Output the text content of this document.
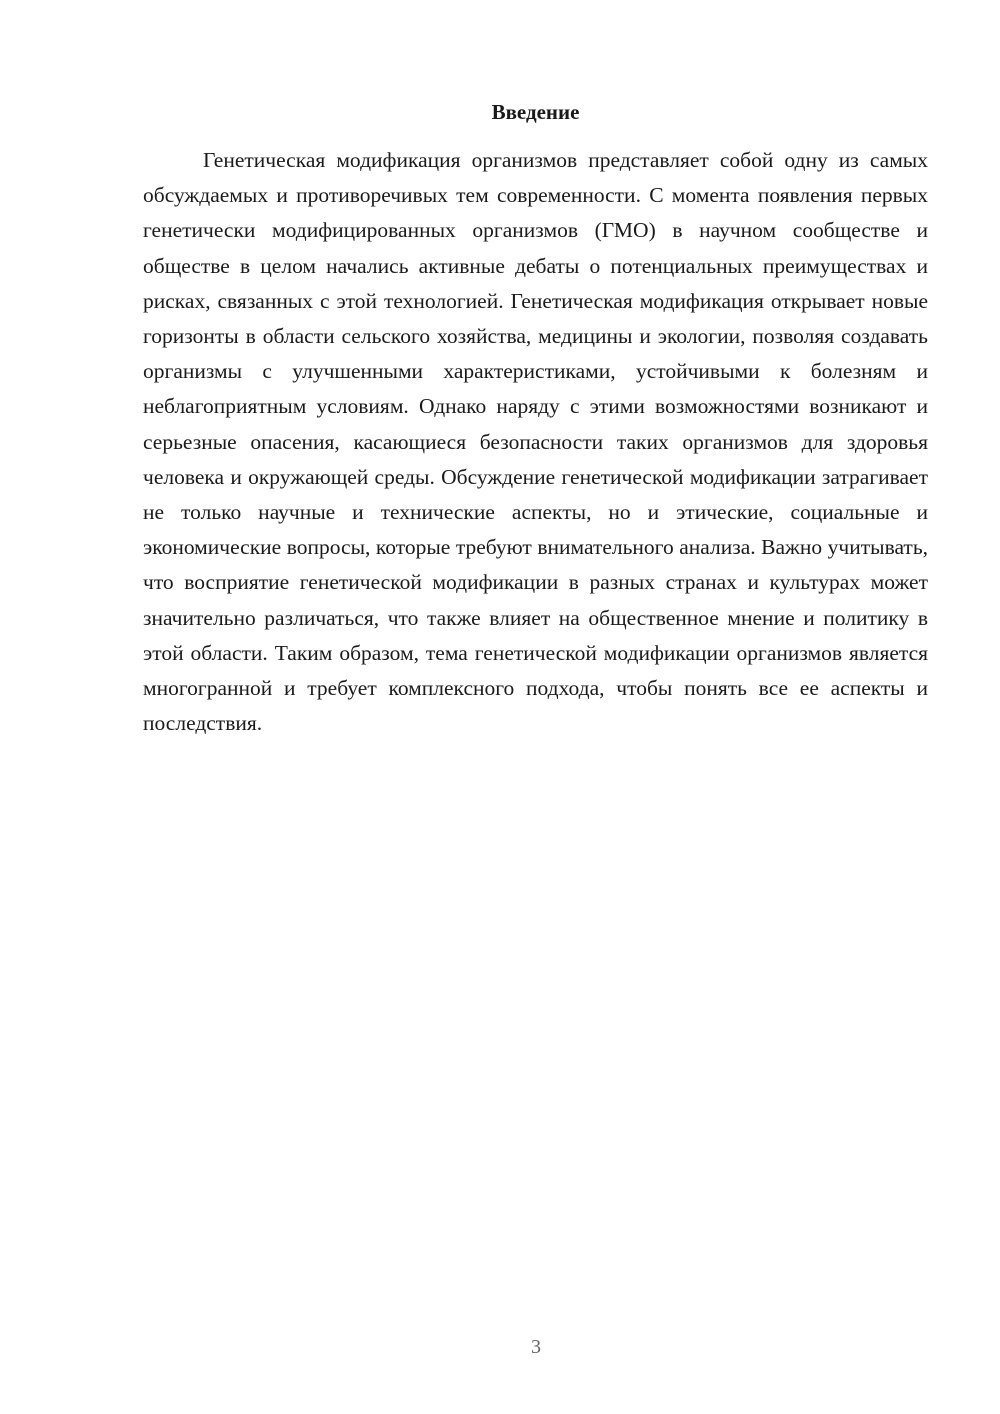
Введение

Генетическая модификация организмов представляет собой одну из самых обсуждаемых и противоречивых тем современности. С момента появления первых генетически модифицированных организмов (ГМО) в научном сообществе и обществе в целом начались активные дебаты о потенциальных преимуществах и рисках, связанных с этой технологией. Генетическая модификация открывает новые горизонты в области сельского хозяйства, медицины и экологии, позволяя создавать организмы с улучшенными характеристиками, устойчивыми к болезням и неблагоприятным условиям. Однако наряду с этими возможностями возникают и серьезные опасения, касающиеся безопасности таких организмов для здоровья человека и окружающей среды. Обсуждение генетической модификации затрагивает не только научные и технические аспекты, но и этические, социальные и экономические вопросы, которые требуют внимательного анализа. Важно учитывать, что восприятие генетической модификации в разных странах и культурах может значительно различаться, что также влияет на общественное мнение и политику в этой области. Таким образом, тема генетической модификации организмов является многогранной и требует комплексного подхода, чтобы понять все ее аспекты и последствия.

3
